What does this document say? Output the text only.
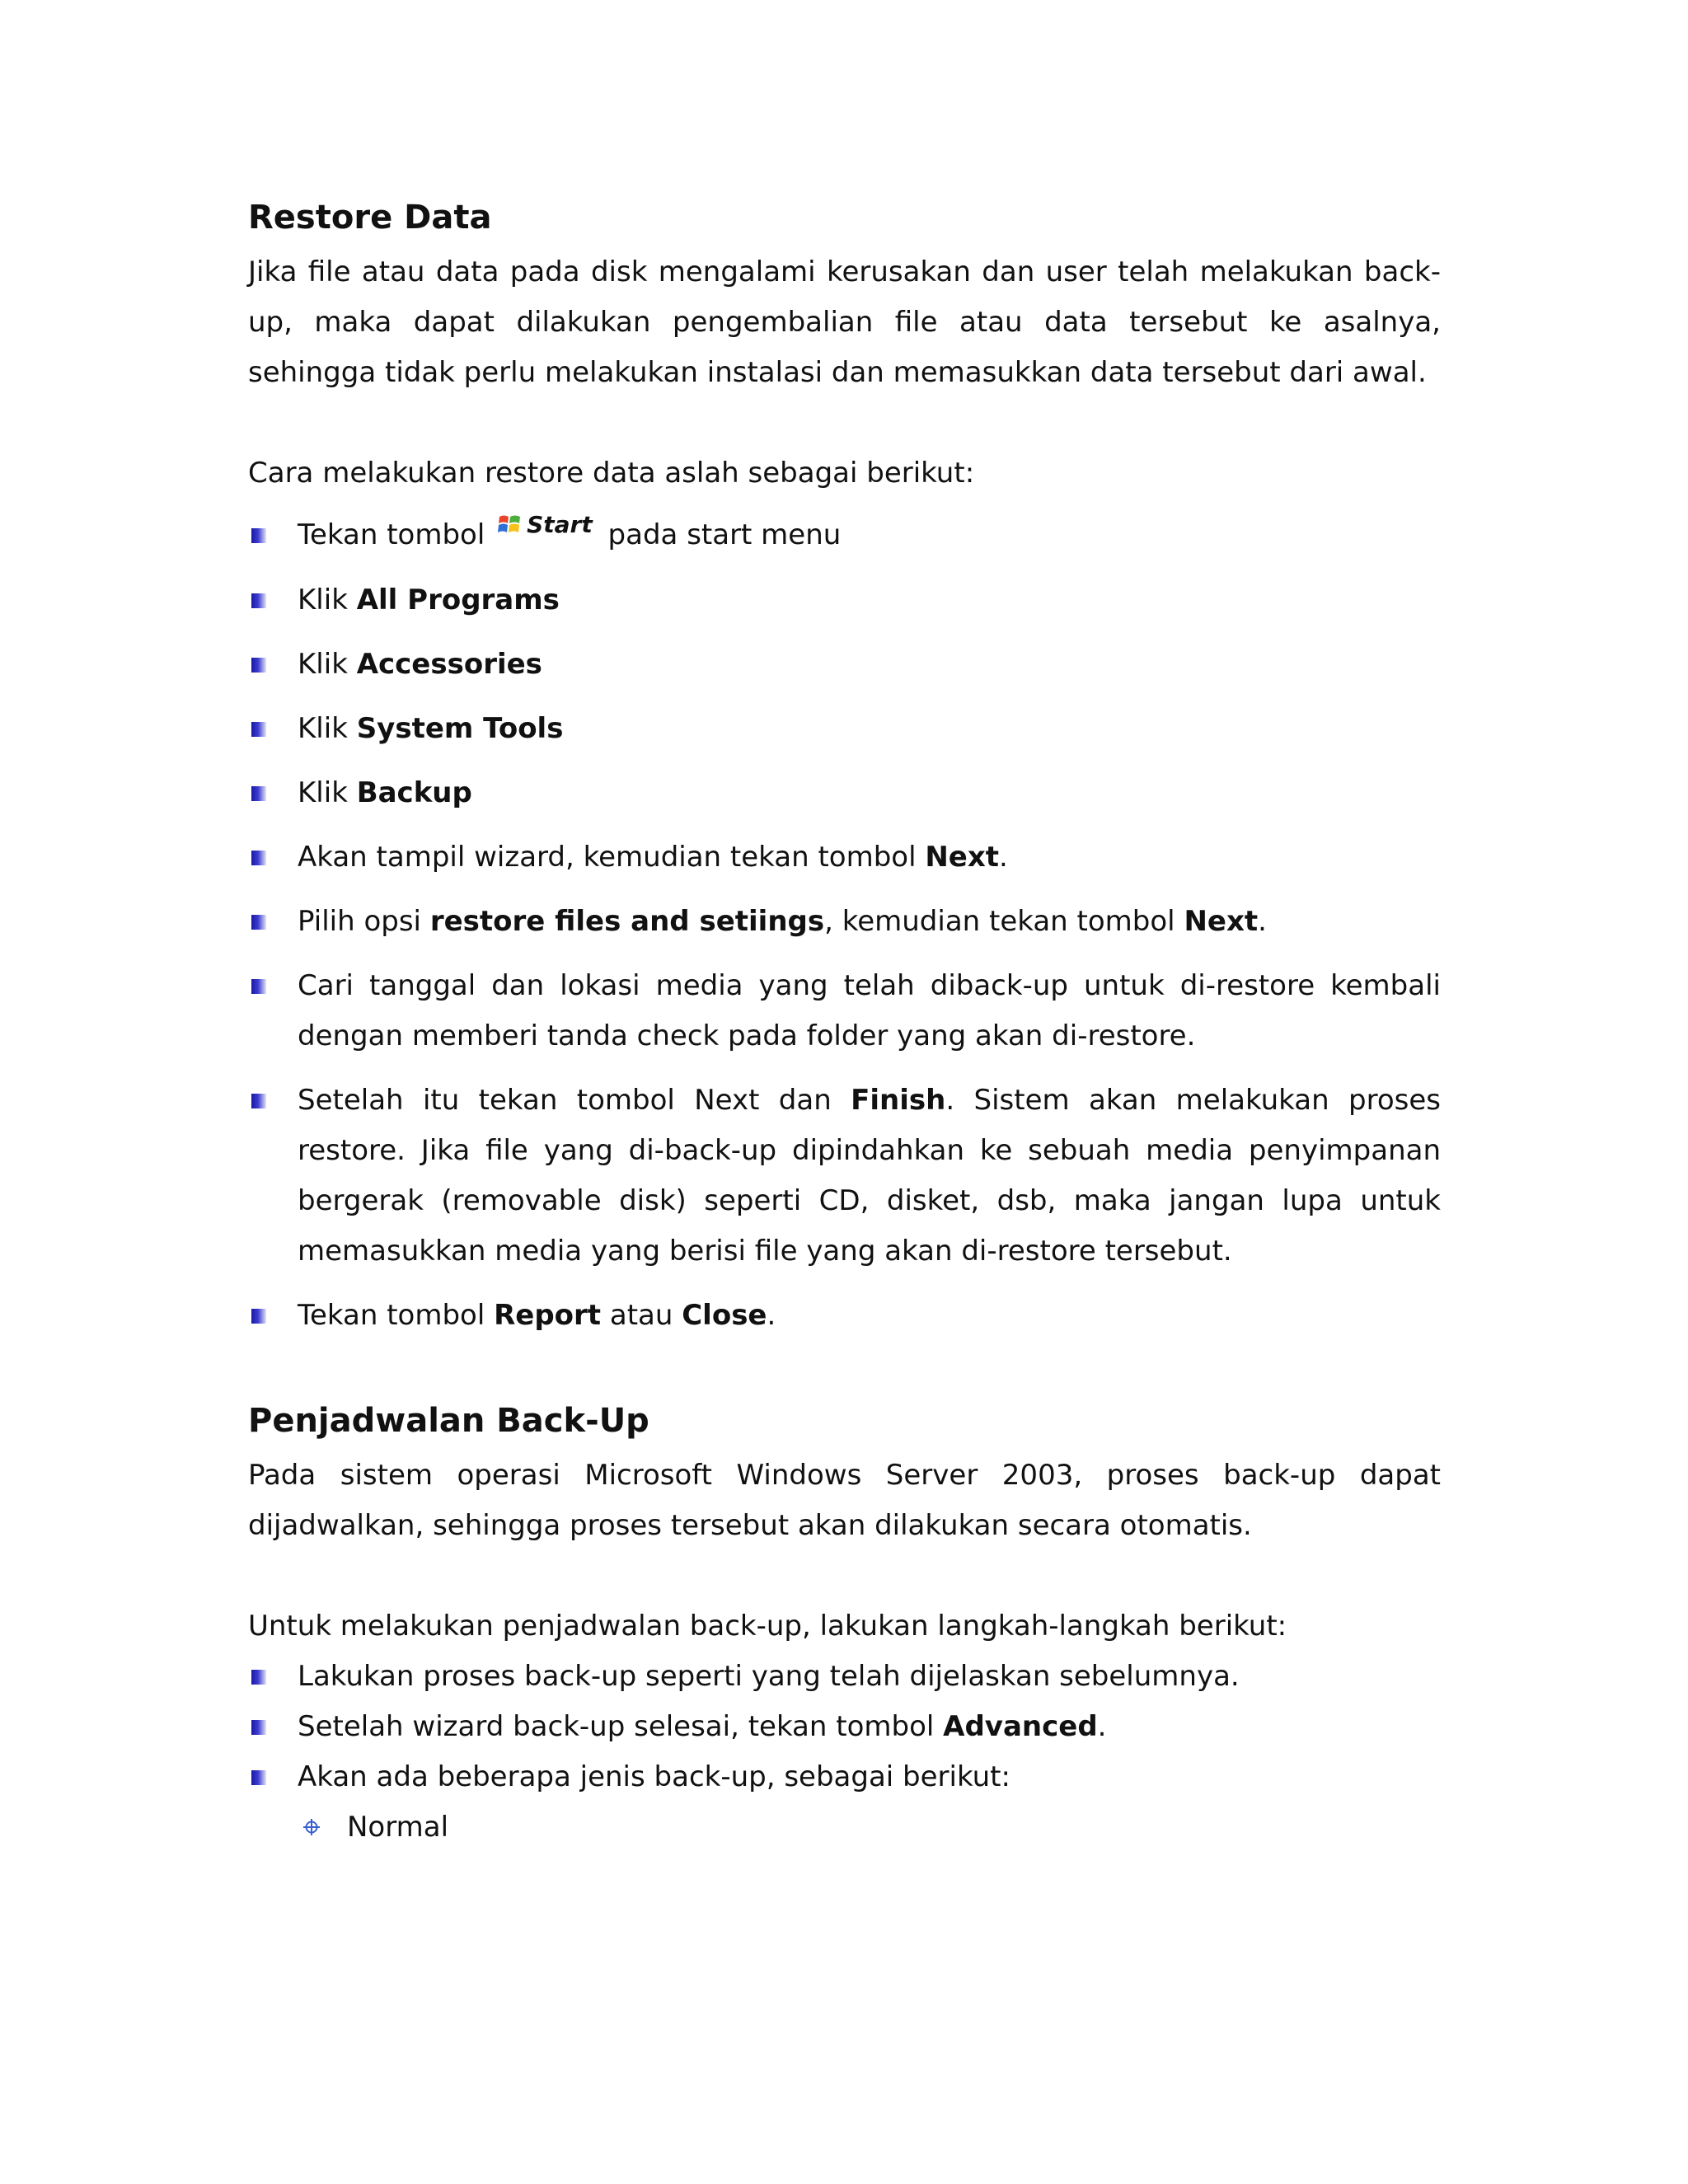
Restore Data

Jika file atau data pada disk mengalami kerusakan dan user telah melakukan back-up, maka dapat dilakukan pengembalian file atau data tersebut ke asalnya, sehingga tidak perlu melakukan instalasi dan memasukkan data tersebut dari awal.

Cara melakukan restore data aslah sebagai berikut:

Tekan tombol Start pada start menu
Klik All Programs
Klik Accessories
Klik System Tools
Klik Backup
Akan tampil wizard, kemudian tekan tombol Next.
Pilih opsi restore files and setiings, kemudian tekan tombol Next.
Cari tanggal dan lokasi media yang telah diback-up untuk di-restore kembali dengan memberi tanda check pada folder yang akan di-restore.
Setelah itu tekan tombol Next dan Finish. Sistem akan melakukan proses restore. Jika file yang di-back-up dipindahkan ke sebuah media penyimpanan bergerak (removable disk) seperti CD, disket, dsb, maka jangan lupa untuk memasukkan media yang berisi file yang akan di-restore tersebut.
Tekan tombol Report atau Close.
Penjadwalan Back-Up

Pada sistem operasi Microsoft Windows Server 2003, proses back-up dapat dijadwalkan, sehingga proses tersebut akan dilakukan secara otomatis.

Untuk melakukan penjadwalan back-up, lakukan langkah-langkah berikut:

Lakukan proses back-up seperti yang telah dijelaskan sebelumnya.
Setelah wizard back-up selesai, tekan tombol Advanced.
Akan ada beberapa jenis back-up, sebagai berikut:
Normal
